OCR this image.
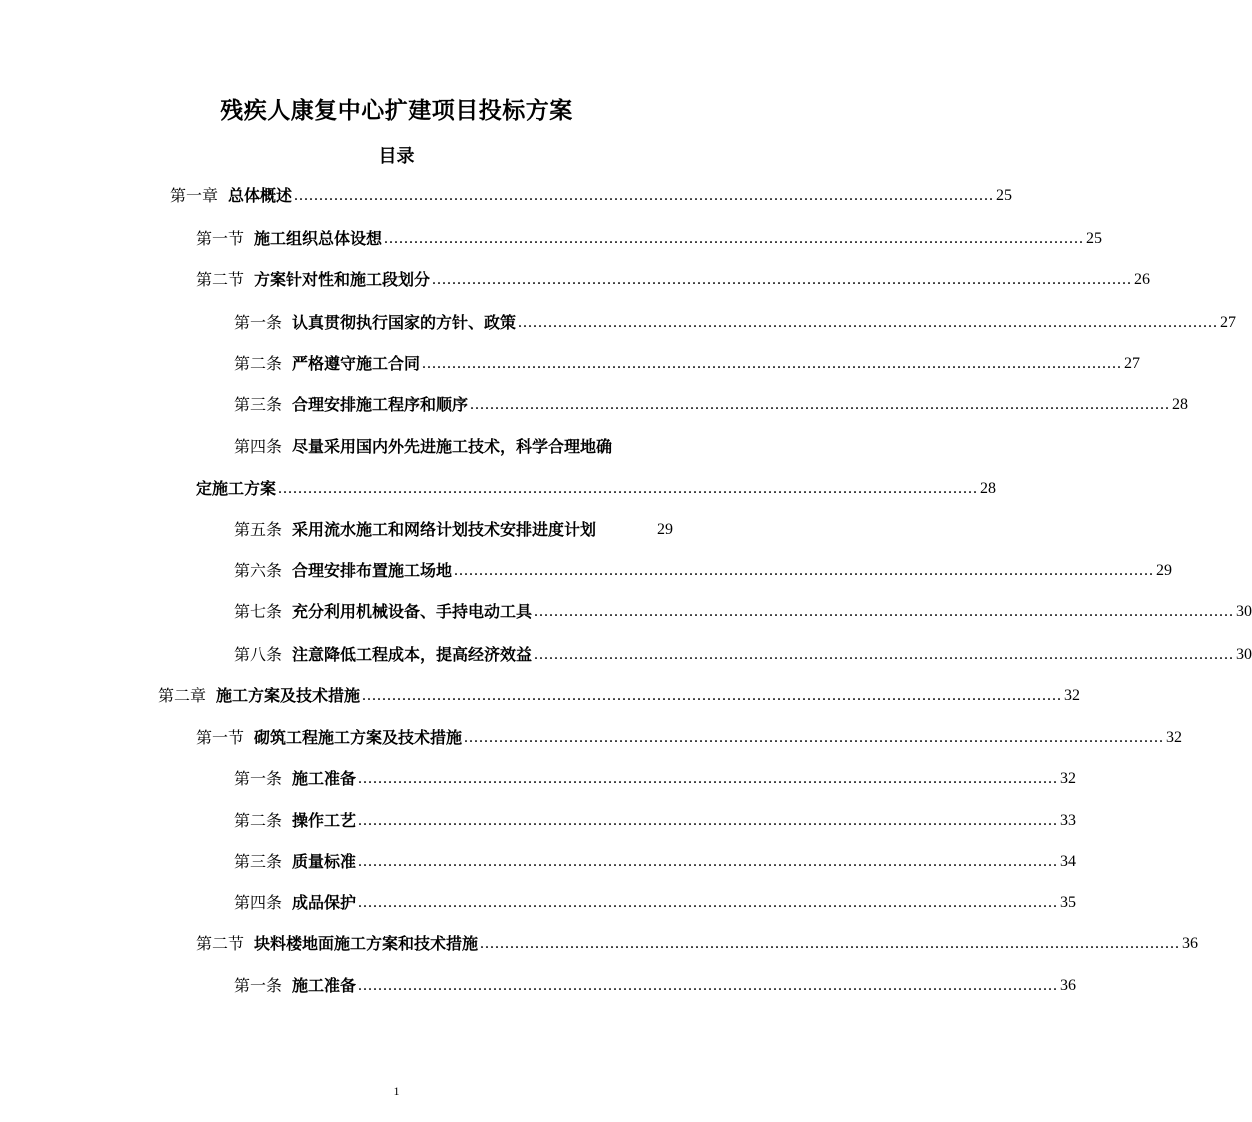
残疾人康复中心扩建项目投标方案
目录
第一章 总体概述 ............................................................................................................................................ 25
第一节 施工组织总体设想 ............................................................................................................................................ 25
第二节 方案针对性和施工段划分 ............................................................................................................................................ 26
第一条 认真贯彻执行国家的方针、政策 ............................................................................................................................................ 27
第二条 严格遵守施工合同 ............................................................................................................................................ 27
第三条 合理安排施工程序和顺序 ............................................................................................................................................ 28
第四条 尽量采用国内外先进施工技术，科学合理地确
定施工方案 ............................................................................................................................................ 28
第五条 采用流水施工和网络计划技术安排进度计划	29
第六条 合理安排布置施工场地 ............................................................................................................................................ 29
第七条 充分利用机械设备、手持电动工具 ............................................................................................................................................ 30
第八条 注意降低工程成本，提高经济效益 ............................................................................................................................................ 30
第二章 施工方案及技术措施 ............................................................................................................................................ 32
第一节 砌筑工程施工方案及技术措施 ............................................................................................................................................ 32
第一条 施工准备 ............................................................................................................................................ 32
第二条 操作工艺 ............................................................................................................................................ 33
第三条 质量标准 ............................................................................................................................................ 34
第四条 成品保护 ............................................................................................................................................ 35
第二节 块料楼地面施工方案和技术措施 ............................................................................................................................................ 36
第一条 施工准备 ............................................................................................................................................ 36
1
